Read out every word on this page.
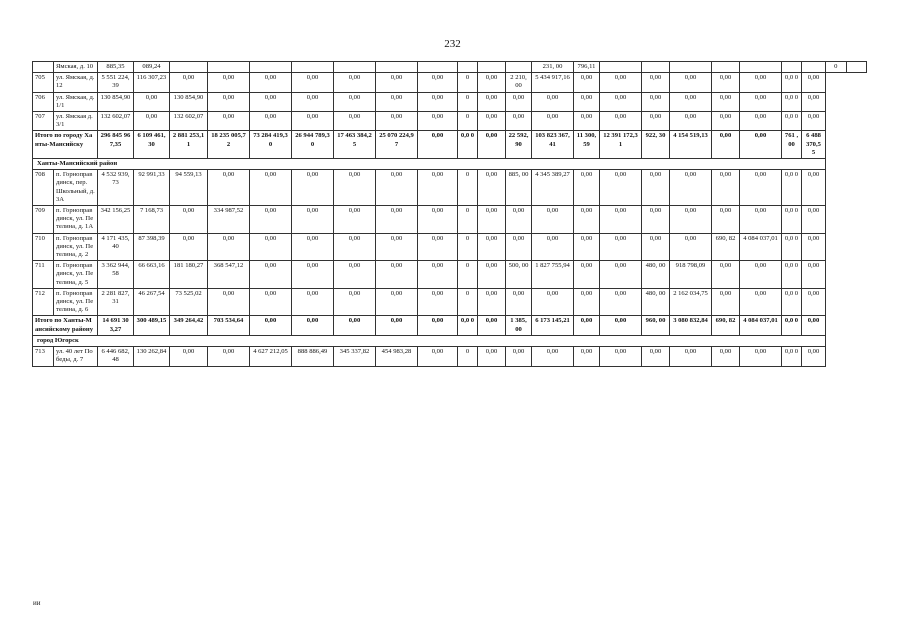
232
	Ямская, д. 10	885,35	089,24											231, 00	796,11								0	
705	ул. Ямская, д. 12	5 551 224,39	116 307,23	0,00	0,00	0,00	0,00	0,00	0,00	0,00	0	0,00	2 210, 00	5 434 917,16	0,00	0,00	0,00	0,00	0,00	0,00	0,0 0	0,00		
706	ул. Ямская, д. 1/1	130 854,90	0,00	130 854,90	0,00	0,00	0,00	0,00	0,00	0,00	0	0,00	0,00	0,00	0,00	0,00	0,00	0,00	0,00	0,00	0,0 0	0,00		
707	ул. Ямская д. 3/1	132 602,07	0,00	132 602,07	0,00	0,00	0,00	0,00	0,00	0,00	0	0,00	0,00	0,00	0,00	0,00	0,00	0,00	0,00	0,00	0,0 0	0,00		
Итого по городу Ханты-Мансийску		296 845 967,35	6 109 461,30	2 881 253,11	18 235 005,72	73 284 419,30	26 944 789,30	17 463 384,25	25 070 224,97	0,00	0,0 0	0,00	22 592, 90	103 823 367,41	11 300, 59	12 391 172,31	922, 30	4 154 519,13	0,00	0,00	761 ,00	6 488 370,5 5		
Ханты-Мансийский район																								
708	п. Горноправдинск, пер. Школьный, д. 3А	4 532 939,73	92 991,33	94 559,13	0,00	0,00	0,00	0,00	0,00	0,00	0	0,00	885, 00	4 345 389,27	0,00	0,00	0,00	0,00	0,00	0,00	0,0 0	0,00		
709	п. Горноправдинск, ул. Петелина, д. 1А	342 156,25	7 168,73	0,00	334 987,52	0,00	0,00	0,00	0,00	0,00	0	0,00	0,00	0,00	0,00	0,00	0,00	0,00	0,00	0,00	0,0 0	0,00		
710	п. Горноправдинск, ул. Петелина, д. 2	4 171 435,40	87 398,39	0,00	0,00	0,00	0,00	0,00	0,00	0,00	0	0,00	0,00	0,00	0,00	0,00	0,00	0,00	690, 82	4 084 037,01	0,0 0	0,00		
711	п. Горноправдинск, ул. Петелина, д. 5	3 362 944,58	66 663,16	181 180,27	368 547,12	0,00	0,00	0,00	0,00	0,00	0	0,00	500, 00	1 827 755,94	0,00	0,00	480, 00	918 798,09	0,00	0,00	0,0 0	0,00		
712	п. Горноправдинск, ул. Петелина, д. 6	2 281 827,31	46 267,54	73 525,02	0,00	0,00	0,00	0,00	0,00	0,00	0	0,00	0,00	0,00	0,00	0,00	480, 00	2 162 034,75	0,00	0,00	0,0 0	0,00		
Итого по Ханты-Мансийскому району		14 691 303,27	300 489,15	349 264,42	703 534,64	0,00	0,00	0,00	0,00	0,00	0,0 0	0,00	1 385, 00	6 173 145,21	0,00	0,00	960, 00	3 080 832,84	690, 82	4 084 037,01	0,0 0	0,00		
город Югорск																								
713	ул. 40 лет Победы, д. 7	6 446 682,48	130 262,84	0,00	0,00	4 627 212,05	888 886,49	345 337,82	454 983,28	0,00	0	0,00	0,00	0,00	0,00	0,00	0,00	0,00	0,00	0,00	0,0 0	0,00		
ии
